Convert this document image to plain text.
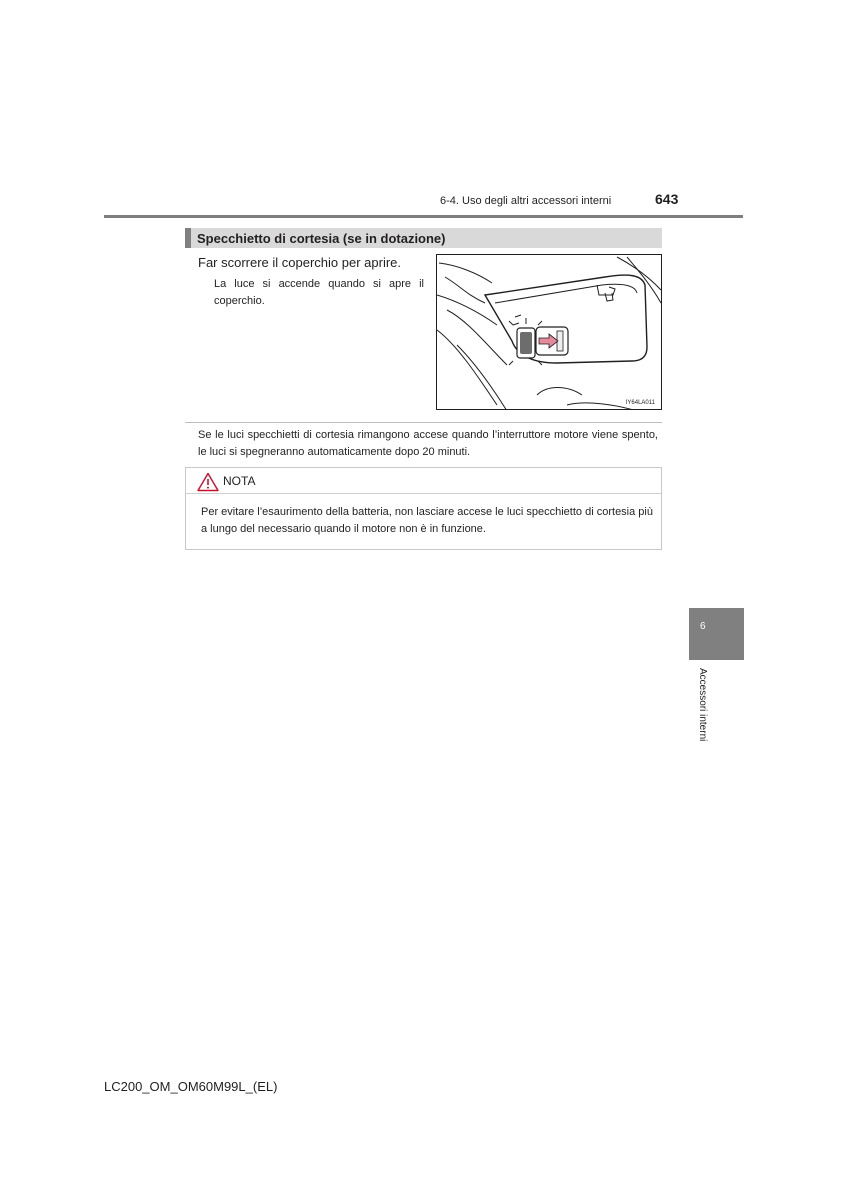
6-4. Uso degli altri accessori interni	643
Specchietto di cortesia (se in dotazione)
Far scorrere il coperchio per aprire.
La luce si accende quando si apre il coperchio.
IY64LA011
Se le luci specchietti di cortesia rimangono accese quando l’interruttore motore viene spento, le luci si spegneranno automaticamente dopo 20 minuti.
NOTA
Per evitare l’esaurimento della batteria, non lasciare accese le luci specchietto di cortesia più a lungo del necessario quando il motore non è in funzione.
6
Accessori interni
LC200_OM_OM60M99L_(EL)
